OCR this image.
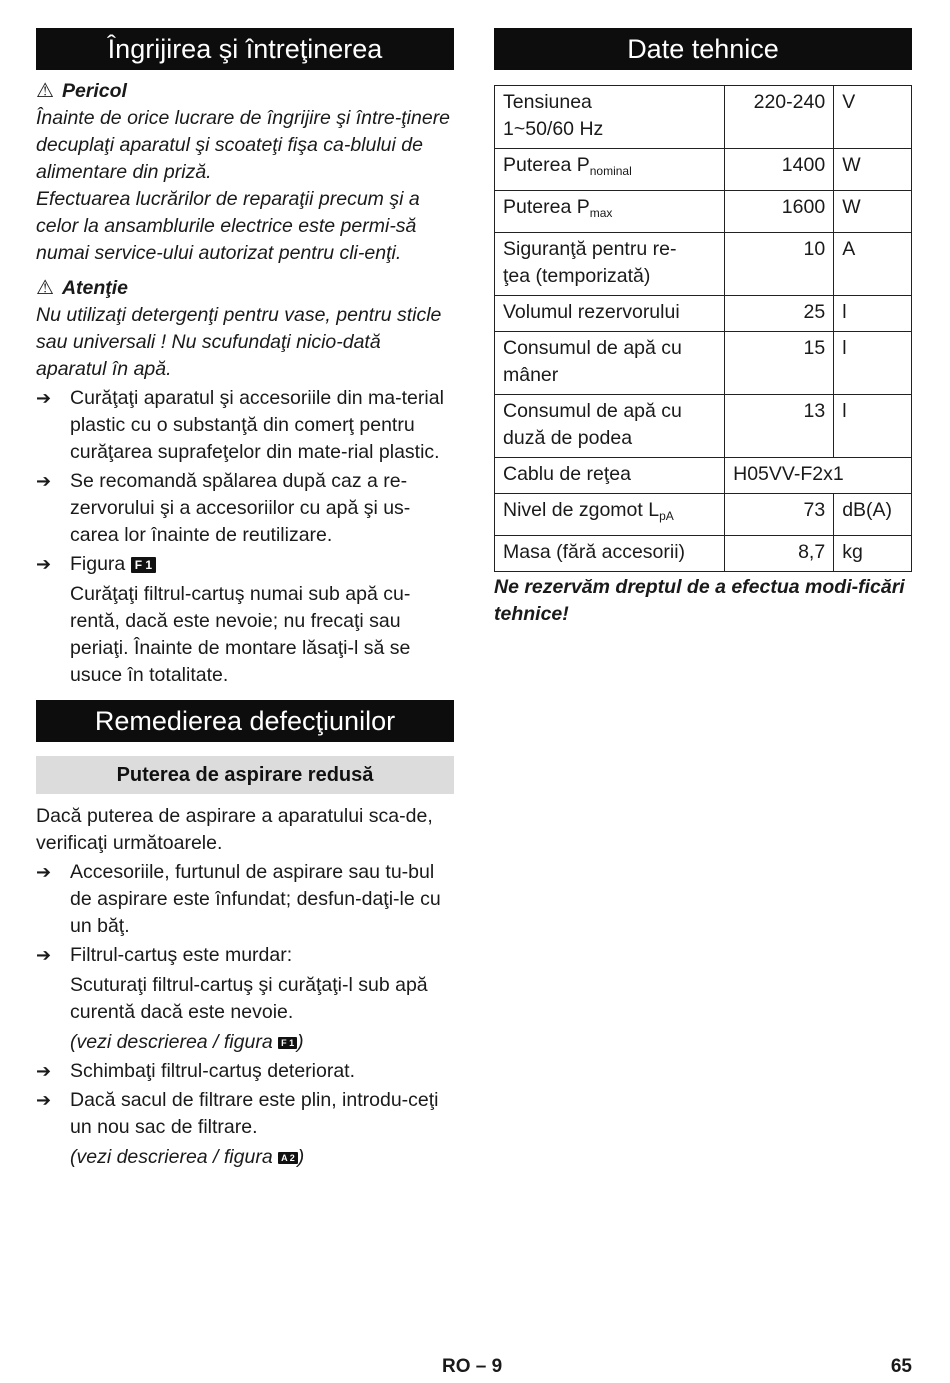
Îngrijirea şi întreţinerea
⚠ Pericol

Înainte de orice lucrare de îngrijire şi între-ţinere decuplaţi aparatul şi scoateţi fişa ca-blului de alimentare din priză.

Efectuarea lucrărilor de reparaţii precum şi a celor la ansamblurile electrice este permi-să numai service-ului autorizat pentru cli-enţi.

⚠ Atenţie

Nu utilizaţi detergenţi pentru vase, pentru sticle sau universali ! Nu scufundaţi nicio-dată aparatul în apă.

➔ Curăţaţi aparatul şi accesoriile din ma-terial plastic cu o substanţă din comerţ pentru curăţarea suprafeţelor din mate-rial plastic.
➔ Se recomandă spălarea după caz a re-zervorului şi a accesoriilor cu apă şi us-carea lor înainte de reutilizare.
➔ Figura F 1
Curăţaţi filtrul-cartuş numai sub apă cu-rentă, dacă este nevoie; nu frecaţi sau periaţi. Înainte de montare lăsaţi-l să se usuce în totalitate.
Remedierea defecţiunilor
Puterea de aspirare redusă

Dacă puterea de aspirare a aparatului sca-de, verificaţi următoarele.

➔ Accesoriile, furtunul de aspirare sau tu-bul de aspirare este înfundat; desfun-daţi-le cu un băţ.
➔ Filtrul-cartuş este murdar:
Scuturaţi filtrul-cartuş şi curăţaţi-l sub apă curentă dacă este nevoie.
(vezi descrierea / figura F 1 )
➔ Schimbaţi filtrul-cartuş deteriorat.
➔ Dacă sacul de filtrare este plin, introdu-ceţi un nou sac de filtrare.
(vezi descrierea / figura A 2 )
Date tehnice
Tensiunea
1~50/60 Hz	220-240	V
Puterea $P_{nominal}$	1400	W
Puterea $P_{max}$	1600	W
Siguranţă pentru re-
ţea (temporizată)	10	A
Volumul rezervorului	25	l
Consumul de apă cu
mâner	15	l
Consumul de apă cu
duză de podea	13	l
Cablu de reţea	H05VV-F2x1	
Nivel de zgomot $L_{pA}$	73	dB(A)
Masa (fără accesorii)	8,7	kg
Ne rezervăm dreptul de a efectua modi-ficări tehnice!
RO – 9	65
